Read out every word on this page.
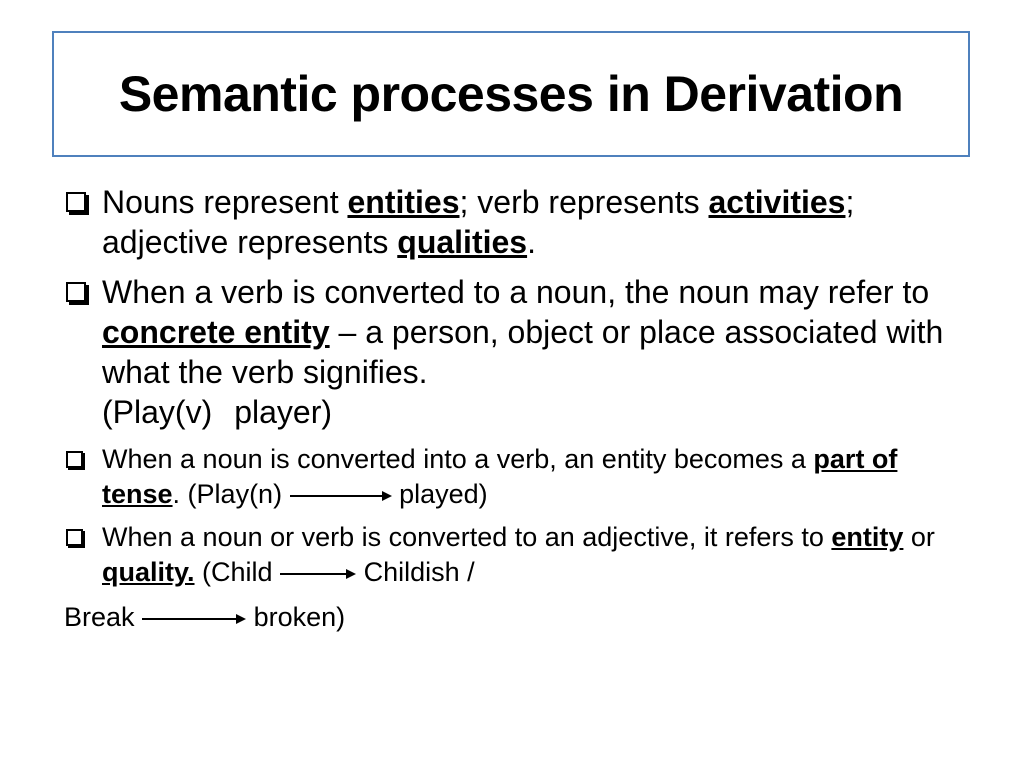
Semantic processes in Derivation
Nouns represent entities; verb represents activities; adjective represents qualities.
When a verb is converted to a noun, the noun may refer to concrete entity – a person, object or place associated with what the verb signifies.
(Play(v) player)
When a noun is converted into a verb, an entity becomes a part of tense. (Play(n)	played)
When a noun or verb is converted to an adjective, it refers to entity or quality. (Child	Childish /
Break	broken)
